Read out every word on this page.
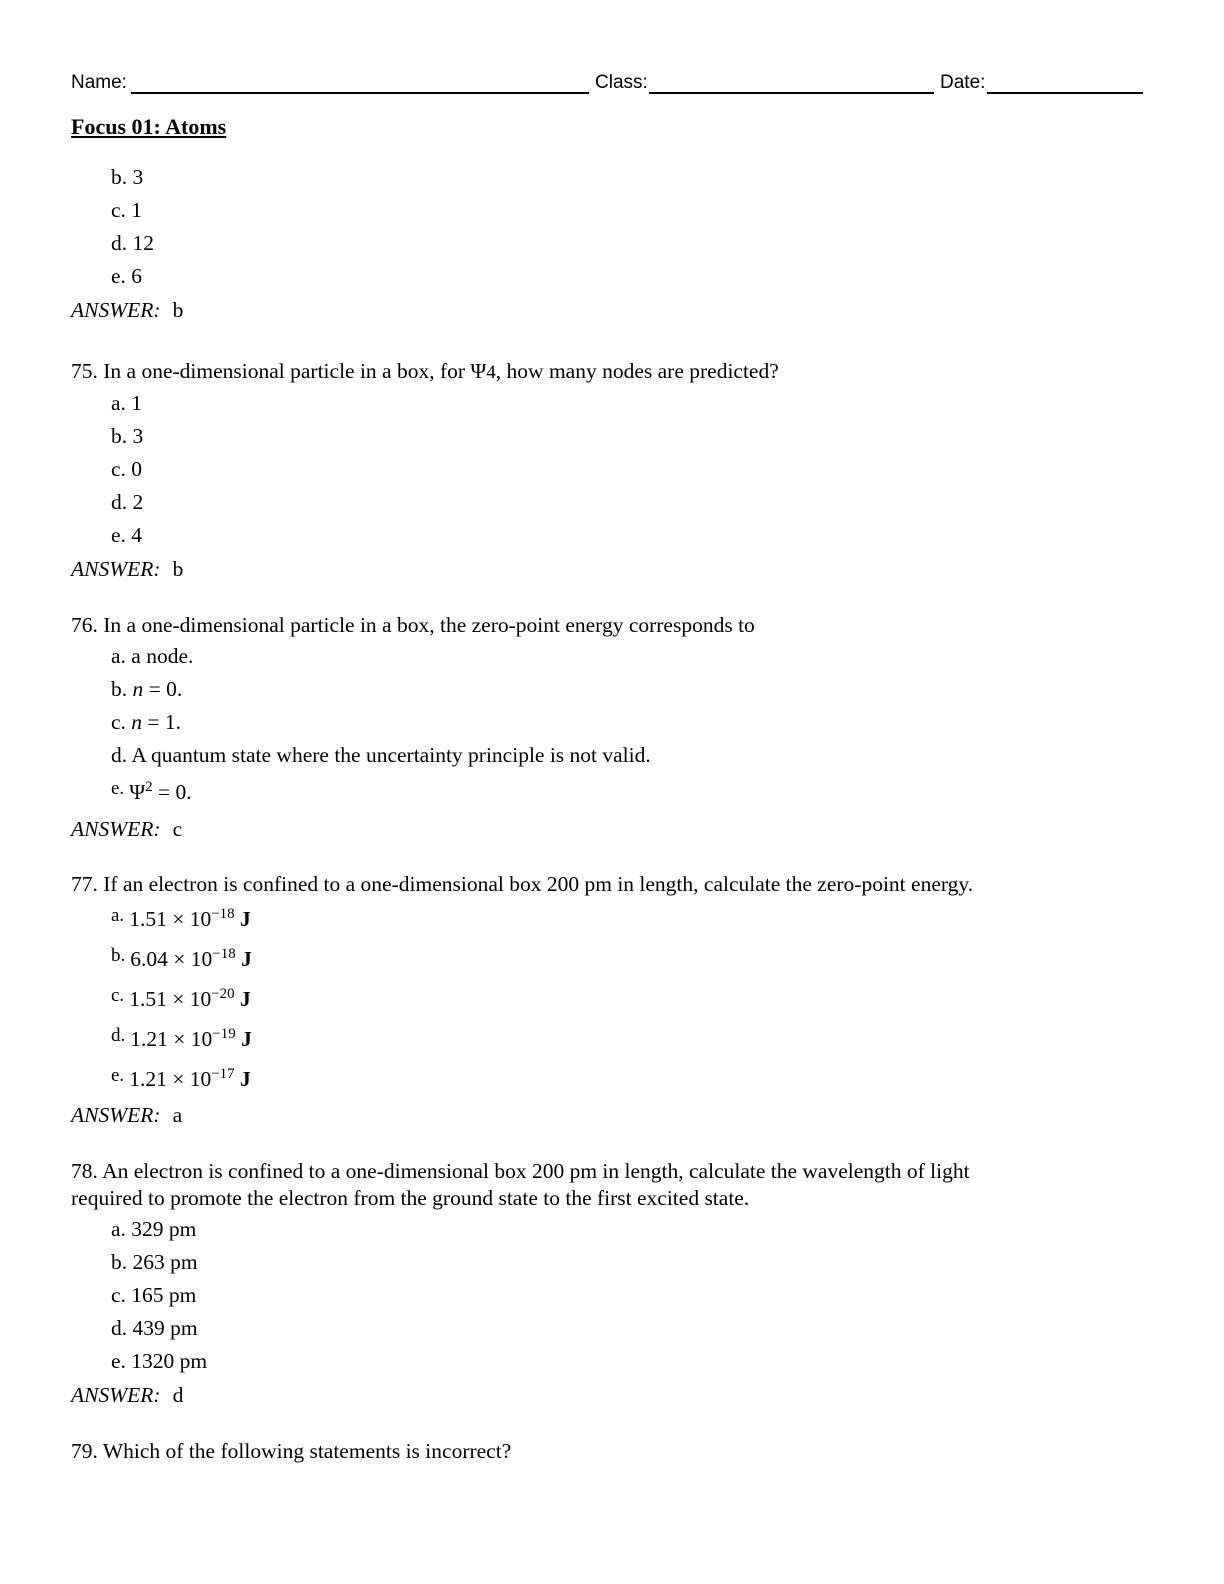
Name:	Class:	Date:
Focus 01: Atoms
b. 3
c. 1
d. 12
e. 6
ANSWER: b
75. In a one-dimensional particle in a box, for Ψ4, how many nodes are predicted?
a. 1
b. 3
c. 0
d. 2
e. 4
ANSWER: b
76. In a one-dimensional particle in a box, the zero-point energy corresponds to
a. a node.
b. n = 0.
c. n = 1.
d. A quantum state where the uncertainty principle is not valid.
e. $\Psi^2 = 0$.
ANSWER: c
77. If an electron is confined to a one-dimensional box 200 pm in length, calculate the zero-point energy.
a. $1.51 \times 10^{-18}$ J
b. $6.04 \times 10^{-18}$ J
c. $1.51 \times 10^{-20}$ J
d. $1.21 \times 10^{-19}$ J
e. $1.21 \times 10^{-17}$ J
ANSWER: a
78. An electron is confined to a one-dimensional box 200 pm in length, calculate the wavelength of light
required to promote the electron from the ground state to the first excited state.
a. 329 pm
b. 263 pm
c. 165 pm
d. 439 pm
e. 1320 pm
ANSWER: d
79. Which of the following statements is incorrect?
